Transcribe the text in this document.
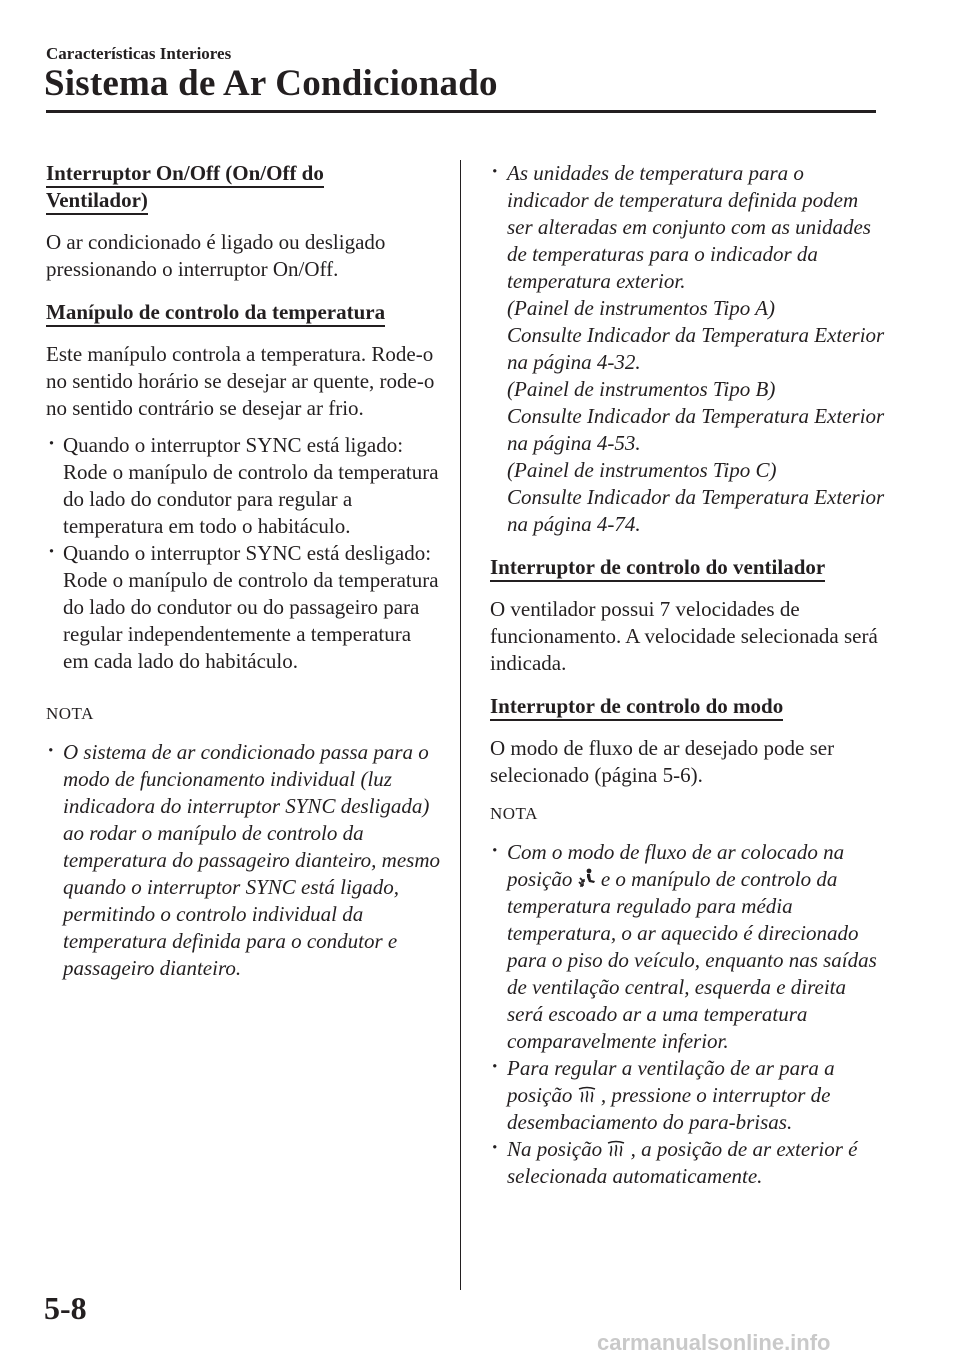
Características Interiores
Sistema de Ar Condicionado

Interruptor On/Off (On/Off do Ventilador)

O ar condicionado é ligado ou desligado pressionando o interruptor On/Off.

Manípulo de controlo da temperatura

Este manípulo controla a temperatura. Rode-o no sentido horário se desejar ar quente, rode-o no sentido contrário se desejar ar frio.

· Quando o interruptor SYNC está ligado:

Rode o manípulo de controlo da temperatura do lado do condutor para regular a temperatura em todo o habitáculo.

· Quando o interruptor SYNC está desligado:

Rode o manípulo de controlo da temperatura do lado do condutor ou do passageiro para regular independentemente a temperatura em cada lado do habitáculo.

NOTA

· O sistema de ar condicionado passa para o modo de funcionamento individual (luz indicadora do interruptor SYNC desligada) ao rodar o manípulo de controlo da temperatura do passageiro dianteiro, mesmo quando o interruptor SYNC está ligado, permitindo o controlo individual da temperatura definida para o condutor e passageiro dianteiro.

· As unidades de temperatura para o indicador de temperatura definida podem ser alteradas em conjunto com as unidades de temperaturas para o indicador da temperatura exterior.

(Painel de instrumentos Tipo A)

Consulte Indicador da Temperatura Exterior na página 4-32.

(Painel de instrumentos Tipo B)

Consulte Indicador da Temperatura Exterior na página 4-53.

(Painel de instrumentos Tipo C)

Consulte Indicador da Temperatura Exterior na página 4-74.

Interruptor de controlo do ventilador

O ventilador possui 7 velocidades de funcionamento. A velocidade selecionada será indicada.

Interruptor de controlo do modo

O modo de fluxo de ar desejado pode ser selecionado (página 5-6).

NOTA

· Com o modo de fluxo de ar colocado na posição e o manípulo de controlo da temperatura regulado para média temperatura, o ar aquecido é direcionado para o piso do veículo, enquanto nas saídas de ventilação central, esquerda e direita será escoado ar a uma temperatura comparavelmente inferior.
· Para regular a ventilação de ar para a posição , pressione o interruptor de desembaciamento do para-brisas.
· Na posição , a posição de ar exterior é selecionada automaticamente.
5-8
carmanualsonline.info
